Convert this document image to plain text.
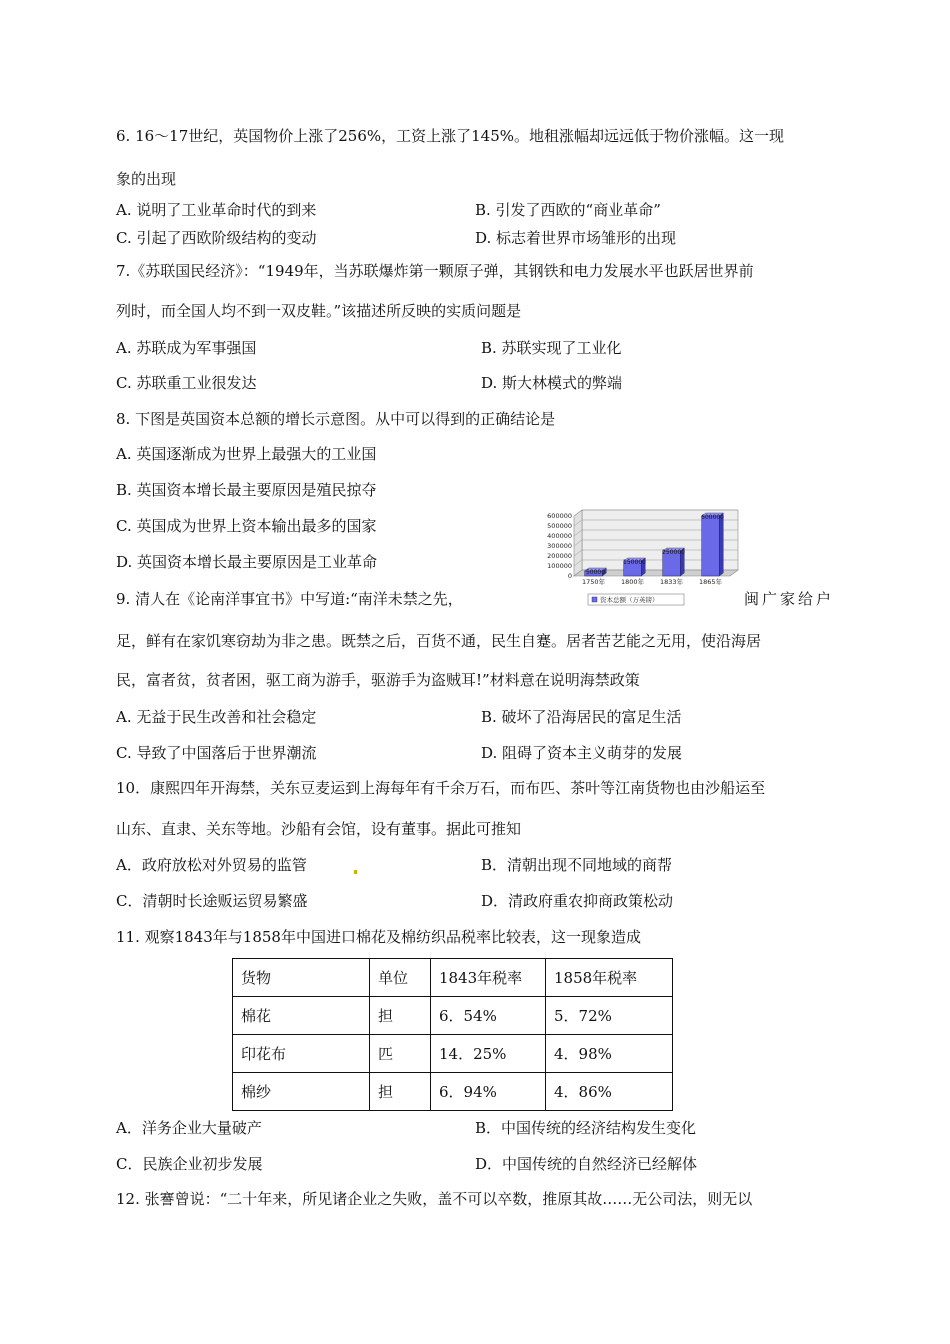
6. 16～17世纪，英国物价上涨了256%，工资上涨了145%。地租涨幅却远远低于物价涨幅。这一现
象的出现
A. 说明了工业革命时代的到来	B. 引发了西欧的“商业革命”
C. 引起了西欧阶级结构的变动	D. 标志着世界市场雏形的出现
7.《苏联国民经济》：“1949年，当苏联爆炸第一颗原子弹，其钢铁和电力发展水平也跃居世界前
列时，而全国人均不到一双皮鞋。”该描述所反映的实质问题是
A. 苏联成为军事强国	B. 苏联实现了工业化
C. 苏联重工业很发达	D. 斯大林模式的弊端
8. 下图是英国资本总额的增长示意图。从中可以得到的正确结论是
A. 英国逐渐成为世界上最强大的工业国
B. 英国资本增长最主要原因是殖民掠夺
C. 英国成为世界上资本输出最多的国家
D. 英国资本增长最主要原因是工业革命
0
100000
200000
300000
400000
500000
600000
50000
1750年
150000
1800年
250000
1833年
600000
1865年
资本总额（万英镑）
9. 清人在《论南洋事宜书》中写道:“南洋未禁之先，	闽广家给户
足，鲜有在家饥寒窃劫为非之患。既禁之后，百货不通，民生自蹇。居者苦艺能之无用，使沿海居
民，富者贫，贫者困，驱工商为游手，驱游手为盗贼耳!”材料意在说明海禁政策
A. 无益于民生改善和社会稳定	B. 破坏了沿海居民的富足生活
C. 导致了中国落后于世界潮流	D. 阻碍了资本主义萌芽的发展
10．康熙四年开海禁，关东豆麦运到上海每年有千余万石，而布匹、茶叶等江南货物也由沙船运至
山东、直隶、关东等地。沙船有会馆，设有董事。据此可推知
A．政府放松对外贸易的监管	B．清朝出现不同地域的商帮
C．清朝时长途贩运贸易繁盛	D．清政府重农抑商政策松动
11. 观察1843年与1858年中国进口棉花及棉纺织品税率比较表，这一现象造成
货物	单位	1843年税率	1858年税率
棉花	担	6．54%	5．72%
印花布	匹	14．25%	4．98%
棉纱	担	6．94%	4．86%
A．洋务企业大量破产	B．中国传统的经济结构发生变化
C．民族企业初步发展	D．中国传统的自然经济已经解体
12. 张謇曾说：“二十年来，所见诸企业之失败，盖不可以卒数，推原其故……无公司法，则无以
